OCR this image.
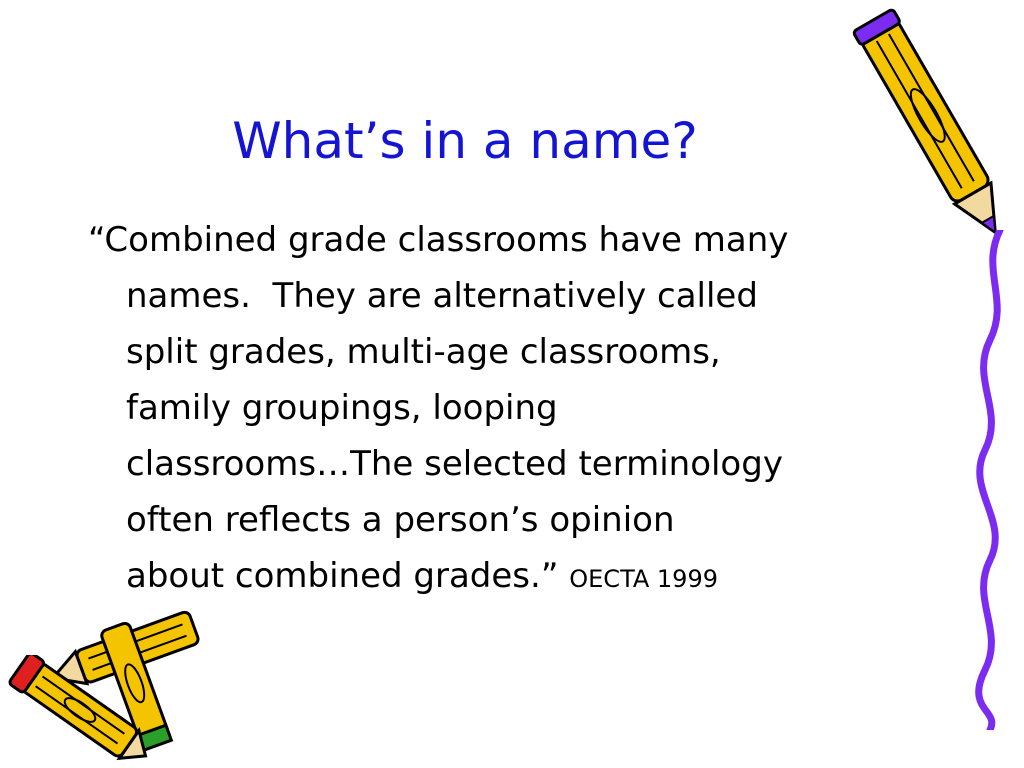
What’s in a name?
“Combined grade classrooms have many
names.  They are alternatively called
split grades, multi-age classrooms,
family groupings, looping
classrooms…The selected terminology
often reflects a person’s opinion
about combined grades.” OECTA 1999
